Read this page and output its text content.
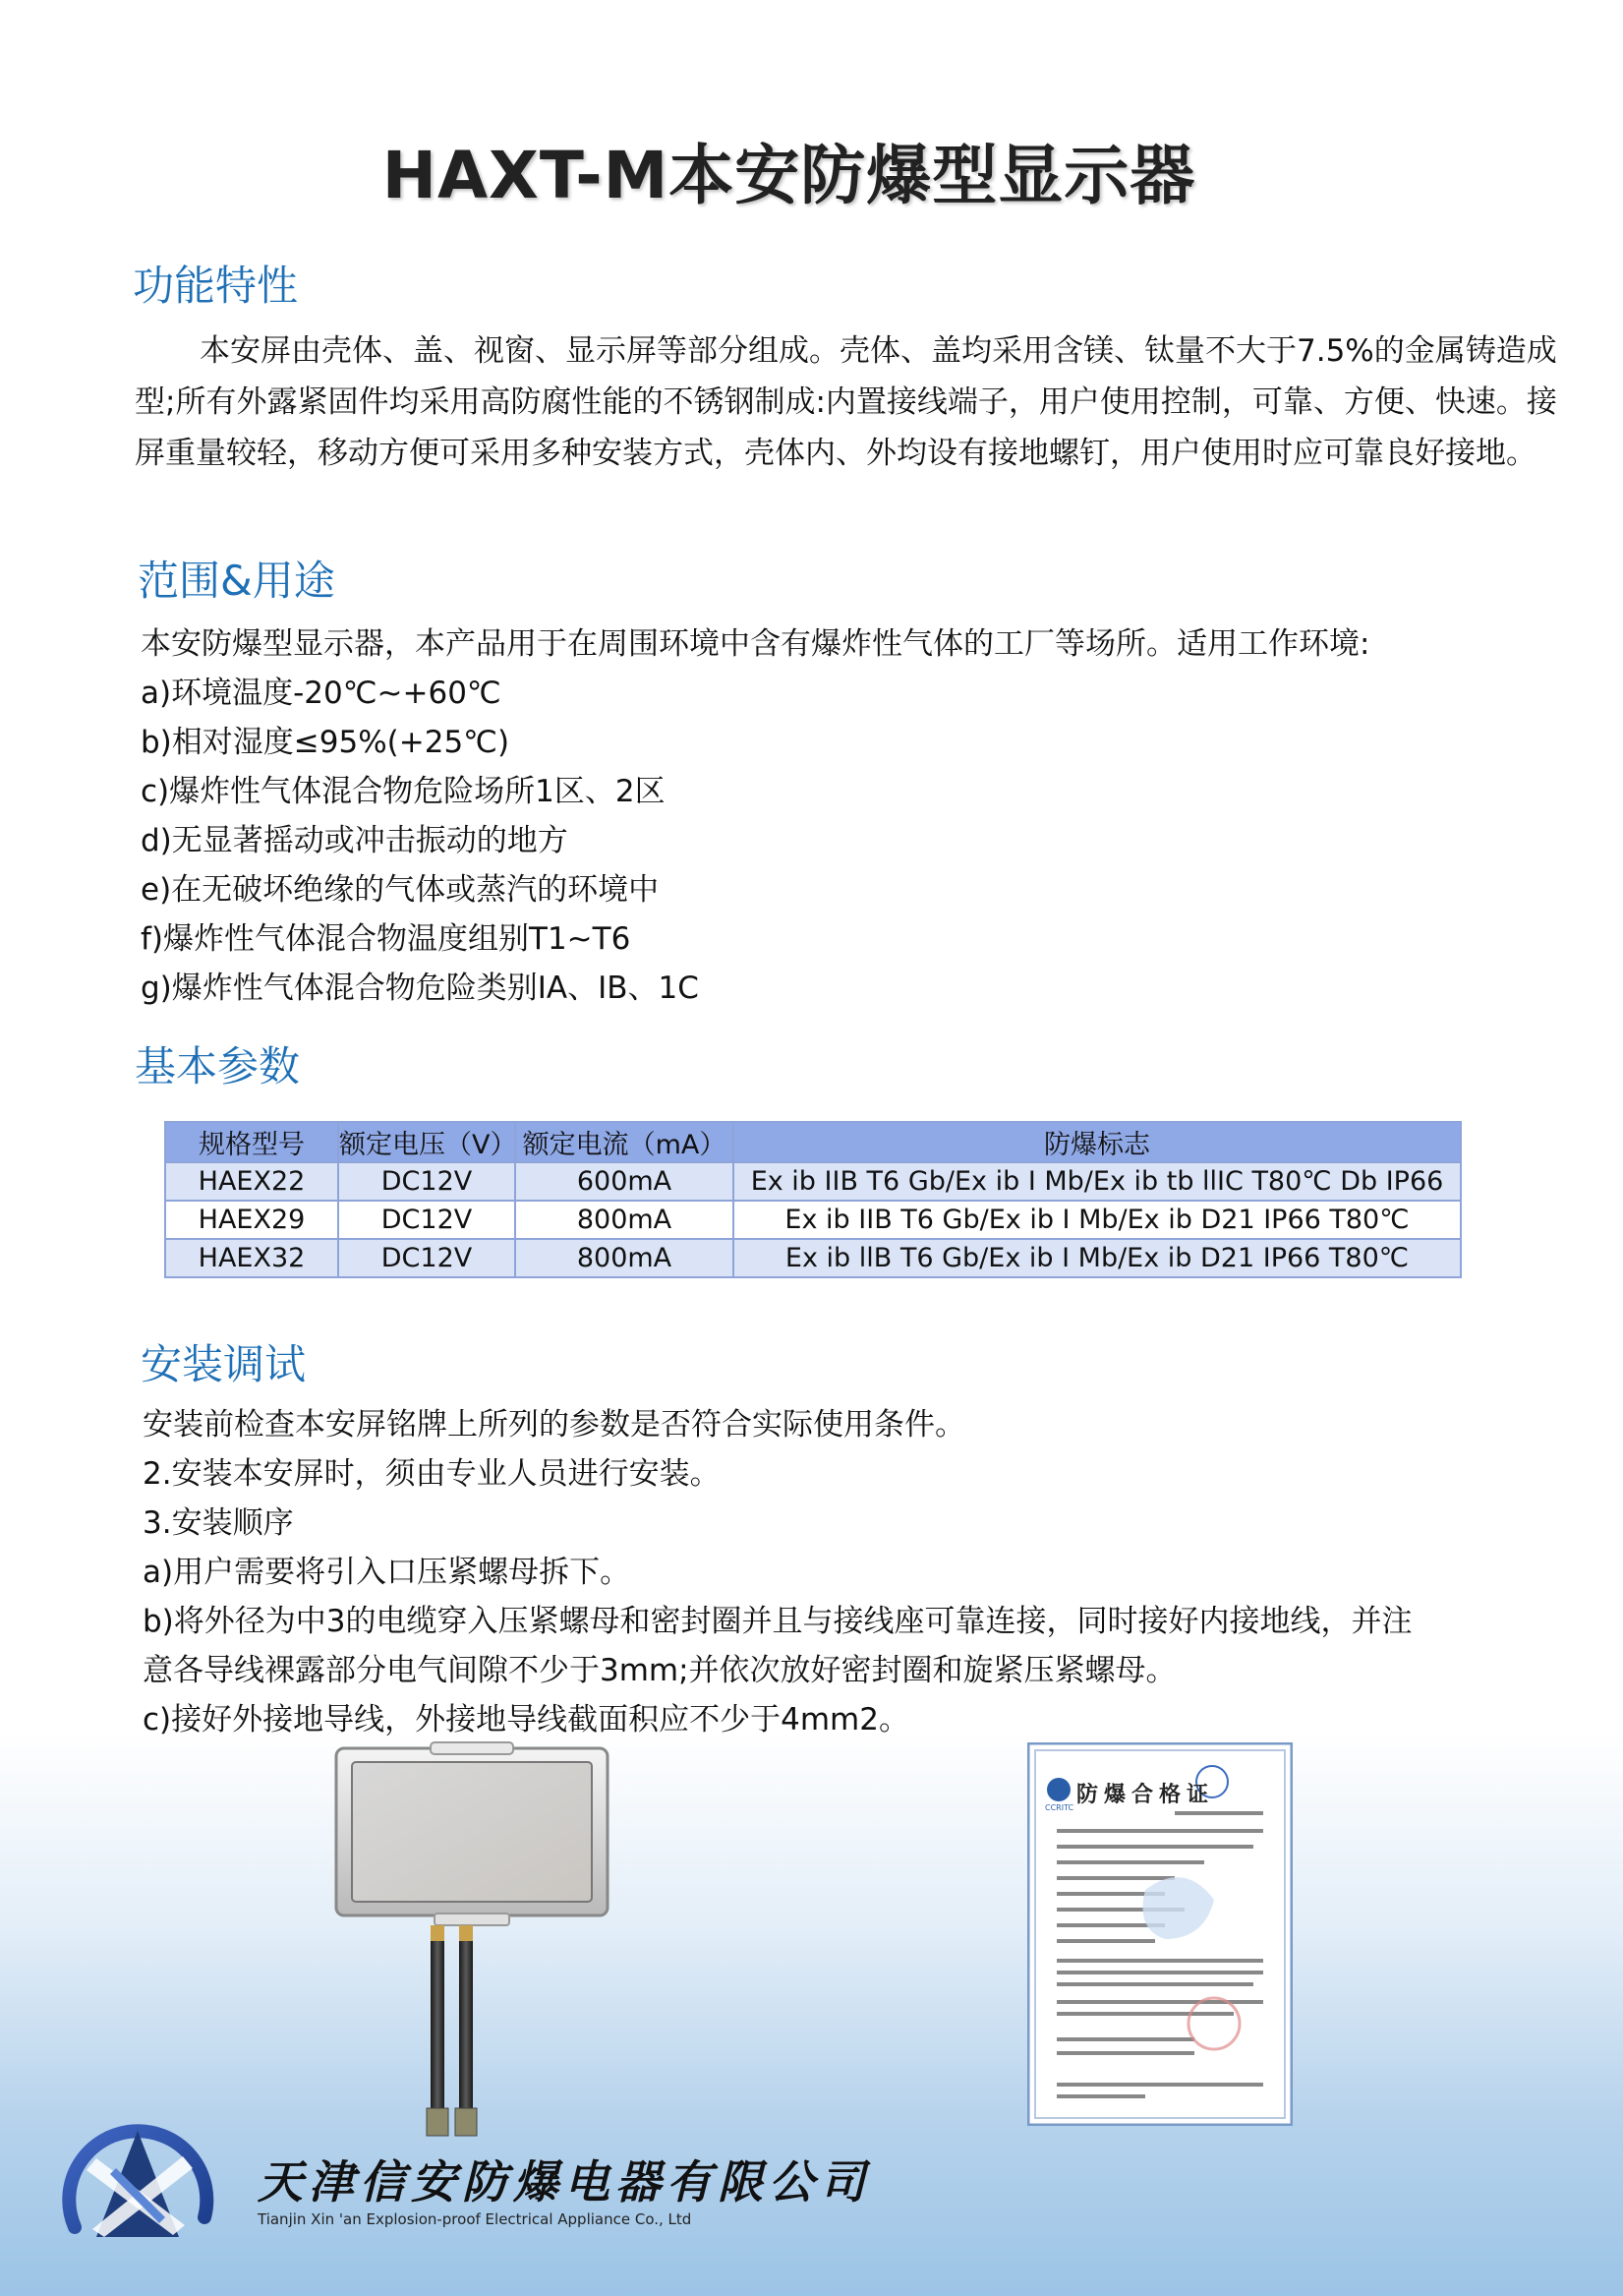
HAXT-M本安防爆型显示器
功能特性
本安屏由壳体、盖、视窗、显示屏等部分组成。壳体、盖均采用含镁、钛量不大于7.5%的金属铸造成型;所有外露紧固件均采用高防腐性能的不锈钢制成:内置接线端子，用户使用控制，可靠、方便、快速。接屏重量较轻，移动方便可采用多种安装方式，壳体内、外均设有接地螺钉，用户使用时应可靠良好接地。
范围&用途
本安防爆型显示器，本产品用于在周围环境中含有爆炸性气体的工厂等场所。适用工作环境:
a)环境温度-20℃~+60℃
b)相对湿度≤95%(+25℃)
c)爆炸性气体混合物危险场所1区、2区
d)无显著摇动或冲击振动的地方
e)在无破坏绝缘的气体或蒸汽的环境中
f)爆炸性气体混合物温度组别T1~T6
g)爆炸性气体混合物危险类别IA、IB、1C
基本参数
规格型号	额定电压（V）	额定电流（mA）	防爆标志
HAEX22	DC12V	600mA	Ex ib IIB T6 Gb/Ex ib I Mb/Ex ib tb llIC T80℃ Db IP66
HAEX29	DC12V	800mA	Ex ib IIB T6 Gb/Ex ib I Mb/Ex ib D21 IP66 T80℃
HAEX32	DC12V	800mA	Ex ib llB T6 Gb/Ex ib I Mb/Ex ib D21 IP66 T80℃
安装调试
安装前检查本安屏铭牌上所列的参数是否符合实际使用条件。
2.安装本安屏时，须由专业人员进行安装。
3.安装顺序
a)用户需要将引入口压紧螺母拆下。
b)将外径为中3的电缆穿入压紧螺母和密封圈并且与接线座可靠连接，同时接好内接地线，并注
意各导线裸露部分电气间隙不少于3mm;并依次放好密封圈和旋紧压紧螺母。
c)接好外接地导线，外接地导线截面积应不少于4mm2。
防爆合格证
CCRITC
天津信安防爆电器有限公司
Tianjin Xin 'an Explosion-proof Electrical Appliance Co., Ltd
